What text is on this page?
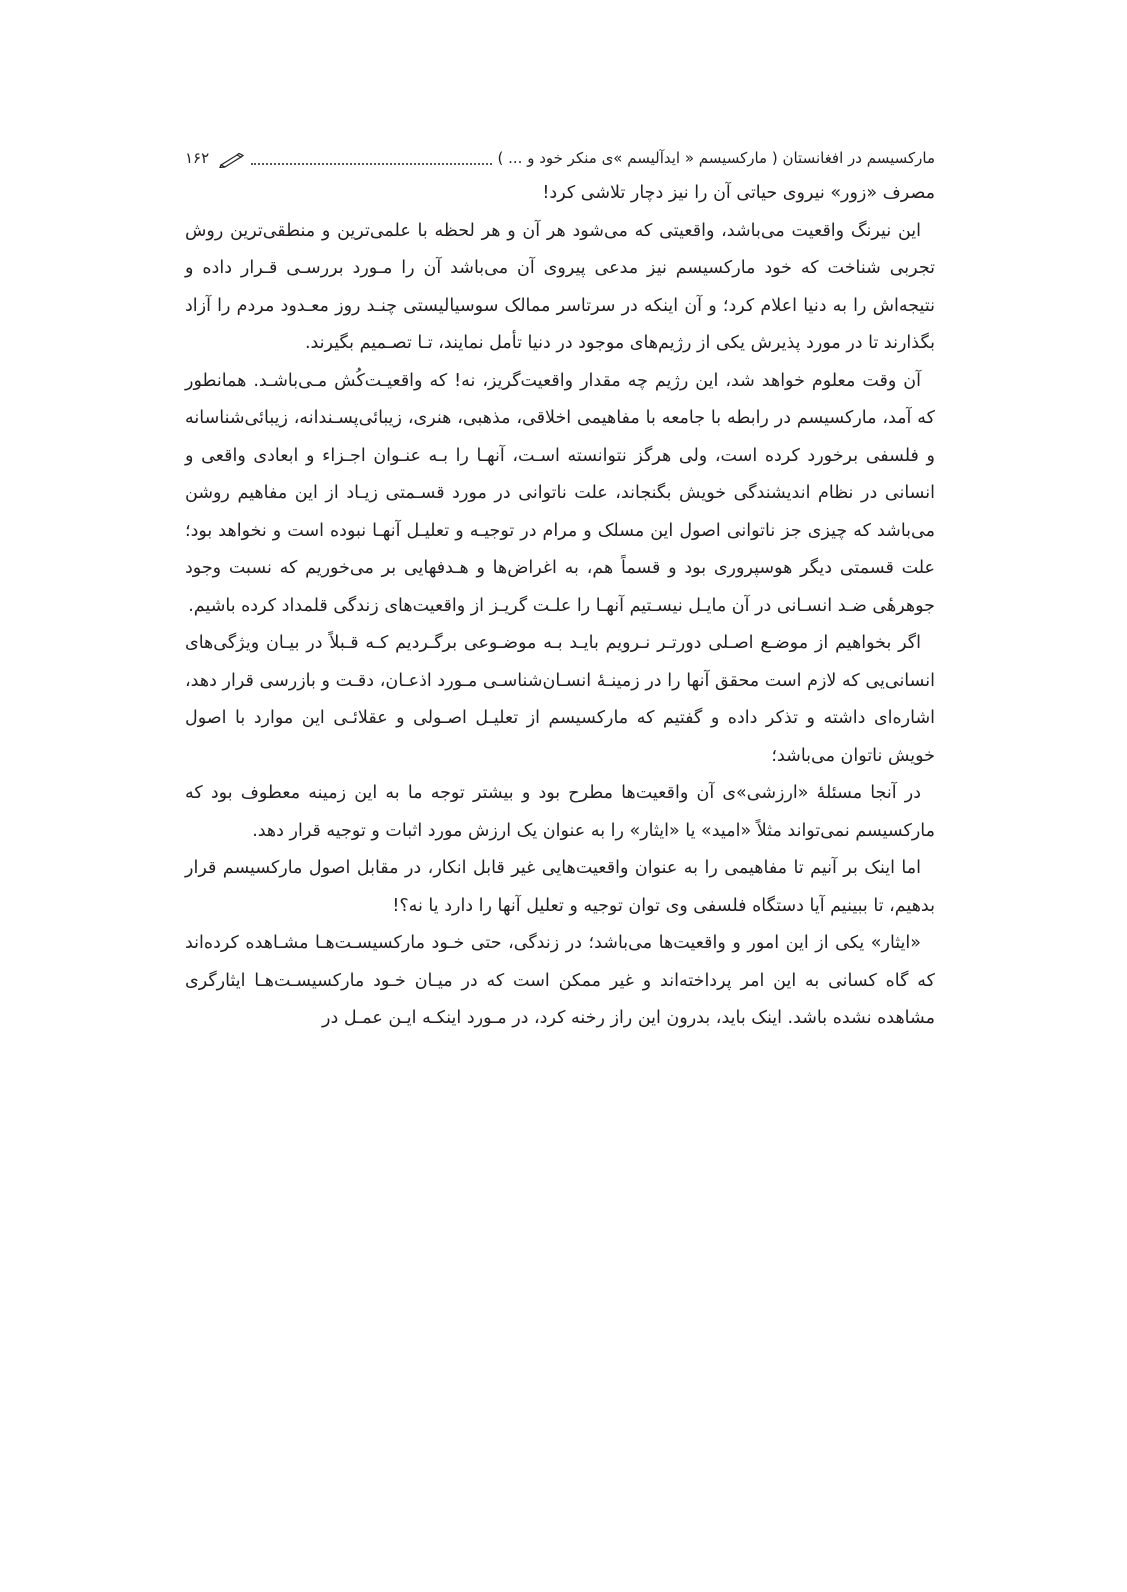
مارکسیسم در افغانستان ( مارکسیسم « ایدآلیسم »ی منکر خود و ... )
۱۶۲

مصرف «زور» نیروی حیاتی آن را نیز دچار تلاشی کرد!

این نیرنگ واقعیت می‌باشد، واقعیتی که می‌شود هر آن و هر لحظه با علمی‌ترین و منطقی‌ترین روش تجربی شناخت که خود مارکسیسم نیز مدعی پیروی آن می‌باشد آن را مـورد بررسـی قـرار داده و نتیجه‌اش را به دنیا اعلام کرد؛ و آن اینکه در سرتاسر ممالک سوسیالیستی چنـد روز معـدود مردم را آزاد بگذارند تا در مورد پذیرش یکی از رژیم‌های موجود در دنیا تأمل نمایند، تـا تصـمیم بگیرند.

آن وقت معلوم خواهد شد، این رژیم چه مقدار واقعیت‌گریز، نه! که واقعیـت‌کُش مـی‌باشـد. همانطور که آمد، مارکسیسم در رابطه با جامعه با مفاهیمی اخلاقی، مذهبی، هنری، زیبائی‌پسـندانه، زیبائی‌شناسانه و فلسفی برخورد کرده است، ولی هرگز نتوانسته اسـت، آنهـا را بـه عنـوان اجـزاء و ابعادی واقعی و انسانی در نظام اندیشندگی خویش بگنجاند، علت ناتوانی در مورد قسـمتی زیـاد از این مفاهیم روشن می‌باشد که چیزی جز ناتوانی اصول این مسلک و مرام در توجیـه و تعلیـل آنهـا نبوده است و نخواهد بود؛ علت قسمتی دیگر هوسپروری بود و قسماً هم، به اغراض‌ها و هـدفهایی بر می‌خوریم که نسبت وجود جوهرهٔی ضـد انسـانی در آن مایـل نیسـتیم آنهـا را علـت گریـز از واقعیت‌های زندگی قلمداد کرده باشیم.

اگر بخواهیم از موضـع اصـلی دورتـر نـرویم بایـد بـه موضـوعی برگـردیم کـه قـبلاً در بیـان ویژگی‌های انسانی‌یی که لازم است محقق آنها را در زمینـهٔ انسـان‌شناسـی مـورد اذعـان، دقـت و بازرسی قرار دهد، اشاره‌ای داشته و تذکر داده و گفتیم که مارکسیسم از تعلیـل اصـولی و عقلائـی این موارد با اصول خویش ناتوان می‌باشد؛

در آنجا مسئلهٔ «ارزشی»ی آن واقعیت‌ها مطرح بود و بیشتر توجه ما به این زمینه معطوف بود که مارکسیسم نمی‌تواند مثلاً «امید» یا «ایثار» را به عنوان یک ارزش مورد اثبات و توجیه قرار دهد.

اما اینک بر آنیم تا مفاهیمی را به عنوان واقعیت‌هایی غیر قابل انکار، در مقابل اصول مارکسیسم قرار بدهیم، تا ببینیم آیا دستگاه فلسفی وی توان توجیه و تعلیل آنها را دارد یا نه؟!

«ایثار» یکی از این امور و واقعیت‌ها می‌باشد؛ در زندگی، حتی خـود مارکسیسـت‌هـا مشـاهده کرده‌اند که گاه کسانی به این امر پرداخته‌اند و غیر ممکن است که در میـان خـود مارکسیسـت‌هـا ایثارگری مشاهده نشده باشد. اینک باید، بدرون این راز رخنه کرد، در مـورد اینکـه ایـن عمـل در
